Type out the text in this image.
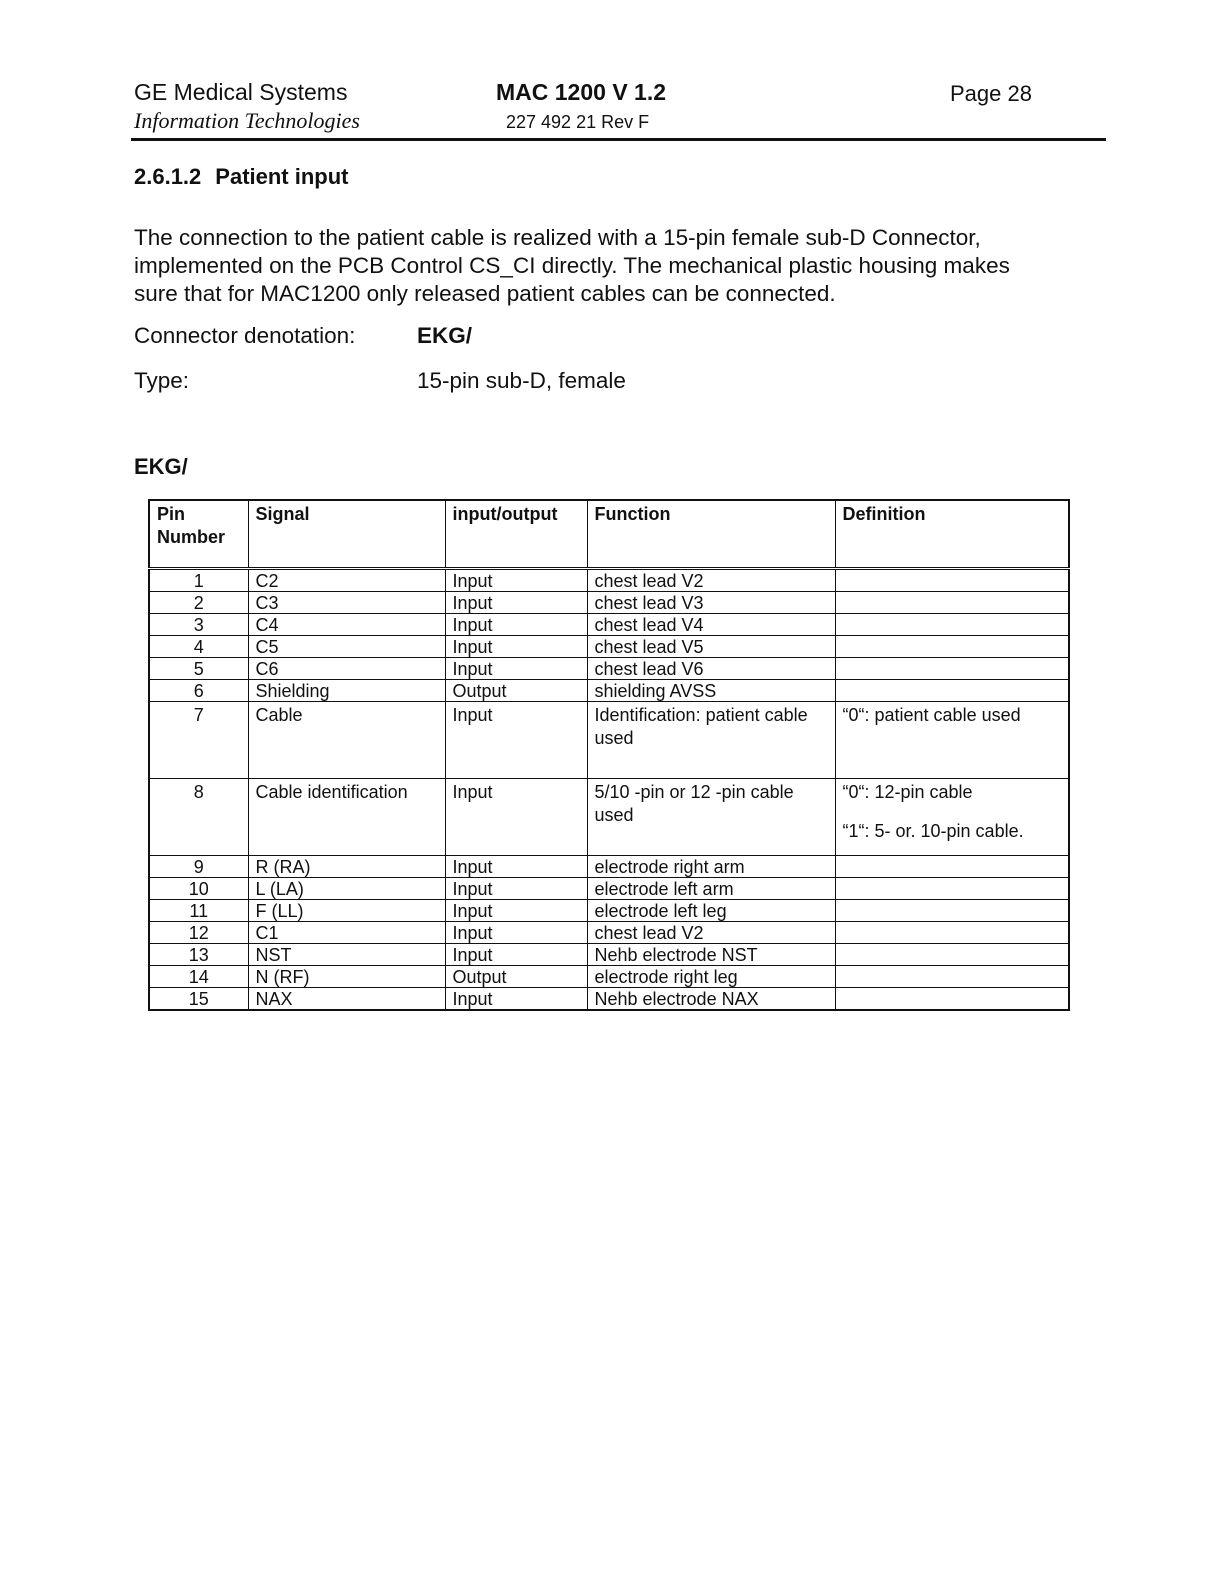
GE Medical Systems
Information Technologies
MAC 1200 V 1.2
227 492 21 Rev F
Page 28
2.6.1.2 Patient input
The connection to the patient cable is realized with a 15-pin female sub-D Connector,
implemented on the PCB Control CS_CI directly. The mechanical plastic housing makes
sure that for MAC1200 only released patient cables can be connected.
Connector denotation:	EKG/
Type:	15-pin sub-D, female
EKG/
Pin Number	Signal	input/output	Function	Definition
1	C2	Input	chest lead V2	

2	C3	Input	chest lead V3	

3	C4	Input	chest lead V4	

4	C5	Input	chest lead V5	

5	C6	Input	chest lead V6	

6	Shielding	Output	shielding AVSS	

7	Cable	Input	Identification: patient cable used	“0“: patient cable used

8	Cable identification	Input	5/10 -pin or 12 -pin cable used	“0“: 12-pin cable
“1“: 5- or. 10-pin cable.

9	R (RA)	Input	electrode right arm	

10	L (LA)	Input	electrode left arm	

11	F (LL)	Input	electrode left leg	

12	C1	Input	chest lead V2	

13	NST	Input	Nehb electrode NST	

14	N (RF)	Output	electrode right leg	

15	NAX	Input	Nehb electrode NAX	
